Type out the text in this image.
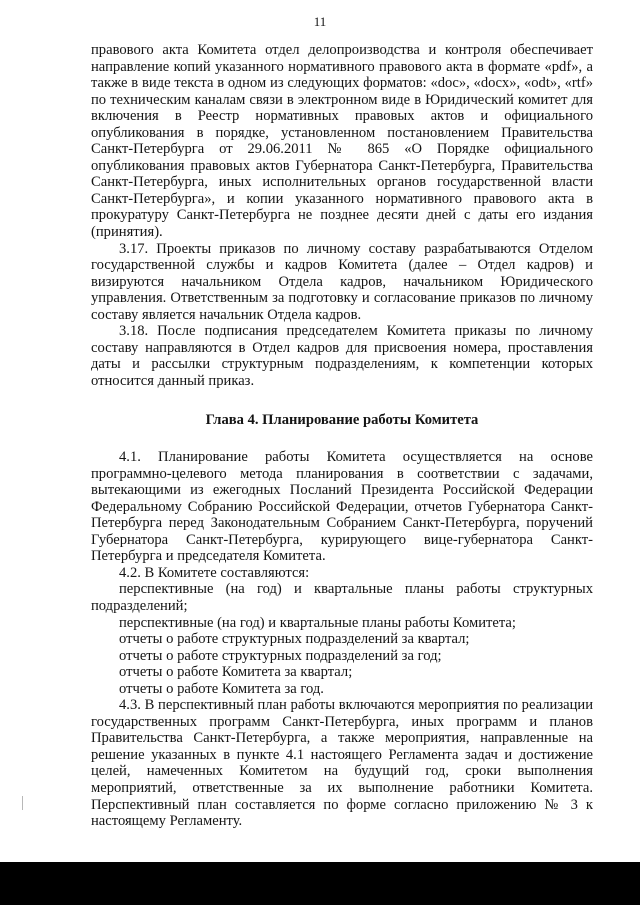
11

правового акта Комитета отдел делопроизводства и контроля обеспечивает направление копий указанного нормативного правового акта в формате «pdf», а также в виде текста в одном из следующих форматов: «doc», «docx», «odt», «rtf» по техническим каналам связи в электронном виде в Юридический комитет для включения в Реестр нормативных правовых актов и официального опубликования в порядке, установленном постановлением Правительства Санкт-Петербурга от 29.06.2011 № 865 «О Порядке официального опубликования правовых актов Губернатора Санкт-Петербурга, Правительства Санкт-Петербурга, иных исполнительных органов государственной власти Санкт-Петербурга», и копии указанного нормативного правового акта в прокуратуру Санкт-Петербурга не позднее десяти дней с даты его издания (принятия).

3.17. Проекты приказов по личному составу разрабатываются Отделом государственной службы и кадров Комитета (далее – Отдел кадров) и визируются начальником Отдела кадров, начальником Юридического управления. Ответственным за подготовку и согласование приказов по личному составу является начальник Отдела кадров.

3.18. После подписания председателем Комитета приказы по личному составу направляются в Отдел кадров для присвоения номера, проставления даты и рассылки структурным подразделениям, к компетенции которых относится данный приказ.

Глава 4. Планирование работы Комитета

4.1. Планирование работы Комитета осуществляется на основе программно-целевого метода планирования в соответствии с задачами, вытекающими из ежегодных Посланий Президента Российской Федерации Федеральному Собранию Российской Федерации, отчетов Губернатора Санкт-Петербурга перед Законодательным Собранием Санкт-Петербурга, поручений Губернатора Санкт-Петербурга, курирующего вице-губернатора Санкт-Петербурга и председателя Комитета.

4.2. В Комитете составляются:

перспективные (на год) и квартальные планы работы структурных подразделений;

перспективные (на год) и квартальные планы работы Комитета;

отчеты о работе структурных подразделений за квартал;

отчеты о работе структурных подразделений за год;

отчеты о работе Комитета за квартал;

отчеты о работе Комитета за год.

4.3. В перспективный план работы включаются мероприятия по реализации государственных программ Санкт-Петербурга, иных программ и планов Правительства Санкт-Петербурга, а также мероприятия, направленные на решение указанных в пункте 4.1 настоящего Регламента задач и достижение целей, намеченных Комитетом на будущий год, сроки выполнения мероприятий, ответственные за их выполнение работники Комитета. Перспективный план составляется по форме согласно приложению № 3 к настоящему Регламенту.
